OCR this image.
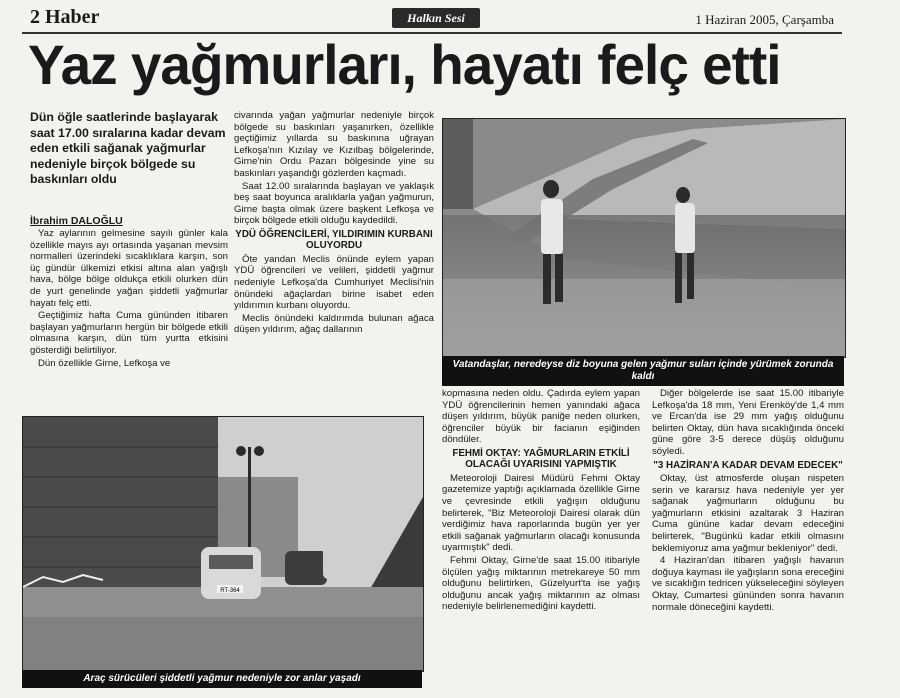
2 Haber	Halkın Sesi	1 Haziran 2005, Çarşamba
Yaz yağmurları, hayatı felç etti
Dün öğle saatlerinde başlayarak saat 17.00 sıralarına kadar devam eden etkili sağanak yağmurlar nedeniyle birçok bölgede su baskınları oldu
İbrahim DALOĞLU

Yaz aylarının gelmesine sayılı günler kala özellikle mayıs ayı ortasında yaşanan mevsim normalleri üzerindeki sıcaklıklara karşın, son üç gündür ülkemizi etkisi altına alan yağışlı hava, bölge bölge oldukça etkili olurken dün de yurt genelinde yağan şiddetli yağmurlar hayatı felç etti.

Geçtiğimiz hafta Cuma gününden itibaren başlayan yağmurların hergün bir bölgede etkili olmasına karşın, dün tüm yurtta etkisini gösterdiği belirtiliyor.

Dün özellikle Girne, Lefkoşa ve

civarında yağan yağmurlar nedeniyle birçok bölgede su baskınları yaşanırken, özellikle geçtiğimiz yıllarda su baskınına uğrayan Lefkoşa'nın Kızılay ve Kızılbaş bölgelerinde, Girne'nin Ordu Pazarı bölgesinde yine su baskınları yaşandığı gözlerden kaçmadı.

Saat 12.00 sıralarında başlayan ve yaklaşık beş saat boyunca aralıklarla yağan yağmurun, Girne başta olmak üzere başkent Lefkoşa ve birçok bölgede etkili olduğu kaydedildi.

YDÜ ÖĞRENCİLERİ, YILDIRIMIN KURBANI OLUYORDU

Öte yandan Meclis önünde eylem yapan YDÜ öğrencileri ve velileri, şiddetli yağmur nedeniyle Lefkoşa'da Cumhuriyet Meclisi'nin önündeki ağaçlardan birine isabet eden yıldırımın kurbanı oluyordu.

Meclis önündeki kaldırımda bulunan ağaca düşen yıldırım, ağaç dallarının

Vatandaşlar, neredeyse diz boyuna gelen yağmur suları içinde yürümek zorunda kaldı

kopmasına neden oldu. Çadırda eylem yapan YDÜ öğrencilerinin hemen yanındaki ağaca düşen yıldırım, büyük paniğe neden olurken, öğrenciler büyük bir facianın eşiğinden döndüler.

FEHMİ OKTAY: YAĞMURLARIN ETKİLİ OLACAĞI UYARISINI YAPMIŞTIK

Meteoroloji Dairesi Müdürü Fehmi Oktay gazetemize yaptığı açıklamada özellikle Girne ve çevresinde etkili yağışın olduğunu belirterek, "Biz Meteoroloji Dairesi olarak dün verdiğimiz hava raporlarında bugün yer yer etkili sağanak yağmurların olacağı konusunda uyarmıştık" dedi.

Fehmi Oktay, Girne'de saat 15.00 itibariyle ölçülen yağış miktarının metrekareye 50 mm olduğunu belirtirken, Güzelyurt'ta ise yağış olduğunu ancak yağış miktarının az olması nedeniyle belirlenemediğini kaydetti.

Diğer bölgelerde ise saat 15.00 itibariyle Lefkoşa'da 18 mm, Yeni Erenköy'de 1,4 mm ve Ercan'da ise 29 mm yağış olduğunu belirten Oktay, dün hava sıcaklığında önceki güne göre 3-5 derece düşüş olduğunu söyledi.

"3 HAZİRAN'A KADAR DEVAM EDECEK"

Oktay, üst atmosferde oluşan nispeten serin ve kararsız hava nedeniyle yer yer sağanak yağmurların olduğunu bu yağmurların etkisini azaltarak 3 Haziran Cuma gününe kadar devam edeceğini belirterek, "Bugünkü kadar etkili olmasını beklemiyoruz ama yağmur bekleniyor" dedi.

4 Haziran'dan itibaren yağışlı havanın doğuya kayması ile yağışların sona ereceğini ve sıcaklığın tedricen yükseleceğini söyleyen Oktay, Cumartesi gününden sonra havanın normale döneceğini kaydetti.

RT-364
Araç sürücüleri şiddetli yağmur nedeniyle zor anlar yaşadı
